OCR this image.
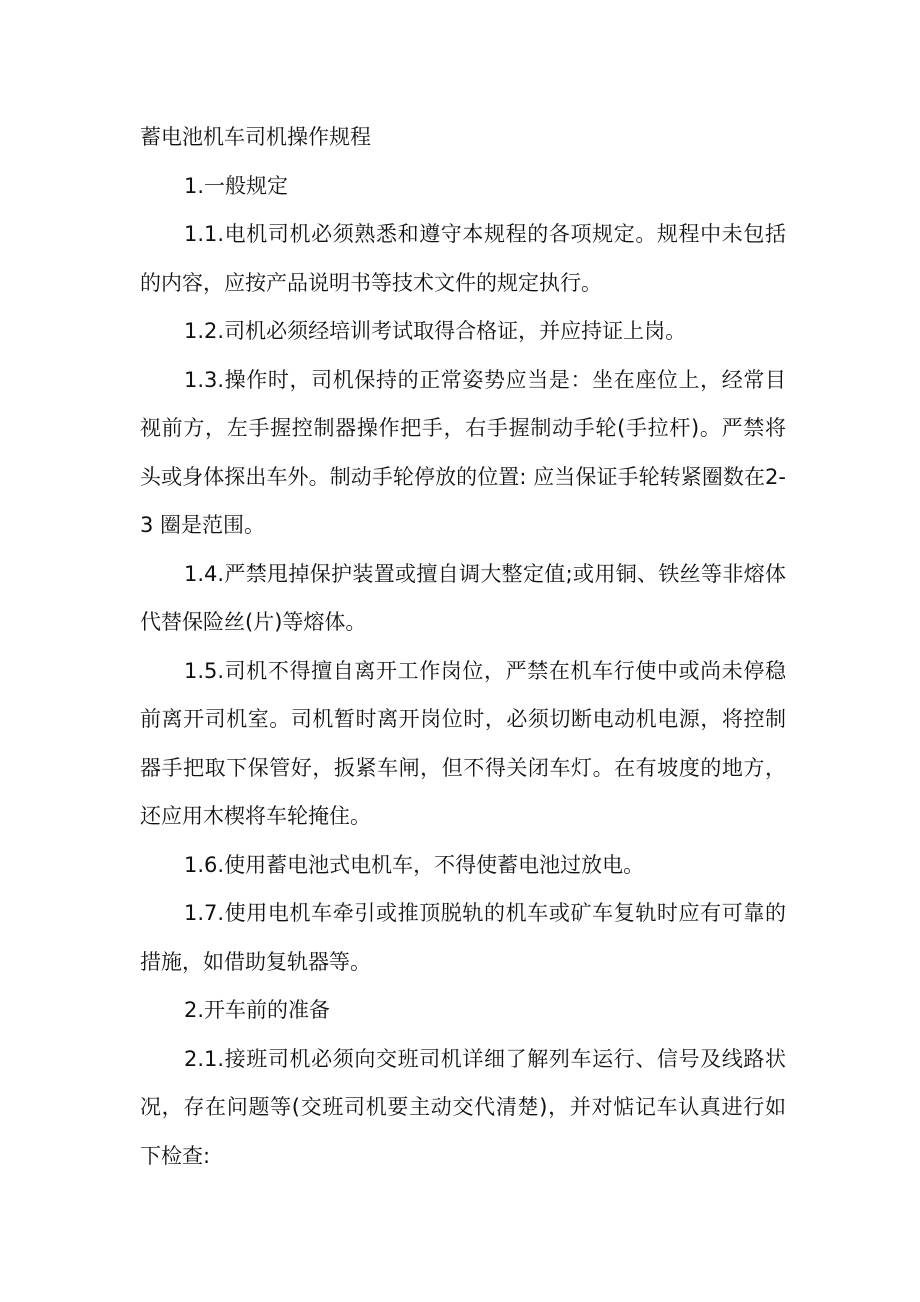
蓄电池机车司机操作规程

1.一般规定

1.1.电机司机必须熟悉和遵守本规程的各项规定。规程中未包括的内容，应按产品说明书等技术文件的规定执行。

1.2.司机必须经培训考试取得合格证，并应持证上岗。

1.3.操作时，司机保持的正常姿势应当是：坐在座位上，经常目视前方，左手握控制器操作把手，右手握制动手轮(手拉杆)。严禁将头或身体探出车外。制动手轮停放的位置: 应当保证手轮转紧圈数在2-3 圈是范围。

1.4.严禁甩掉保护装置或擅自调大整定值;或用铜、铁丝等非熔体代替保险丝(片)等熔体。

1.5.司机不得擅自离开工作岗位，严禁在机车行使中或尚未停稳前离开司机室。司机暂时离开岗位时，必须切断电动机电源，将控制器手把取下保管好，扳紧车闸，但不得关闭车灯。在有坡度的地方，还应用木楔将车轮掩住。

1.6.使用蓄电池式电机车，不得使蓄电池过放电。

1.7.使用电机车牵引或推顶脱轨的机车或矿车复轨时应有可靠的措施，如借助复轨器等。

2.开车前的准备

2.1.接班司机必须向交班司机详细了解列车运行、信号及线路状况，存在问题等(交班司机要主动交代清楚)，并对惦记车认真进行如下检查:
